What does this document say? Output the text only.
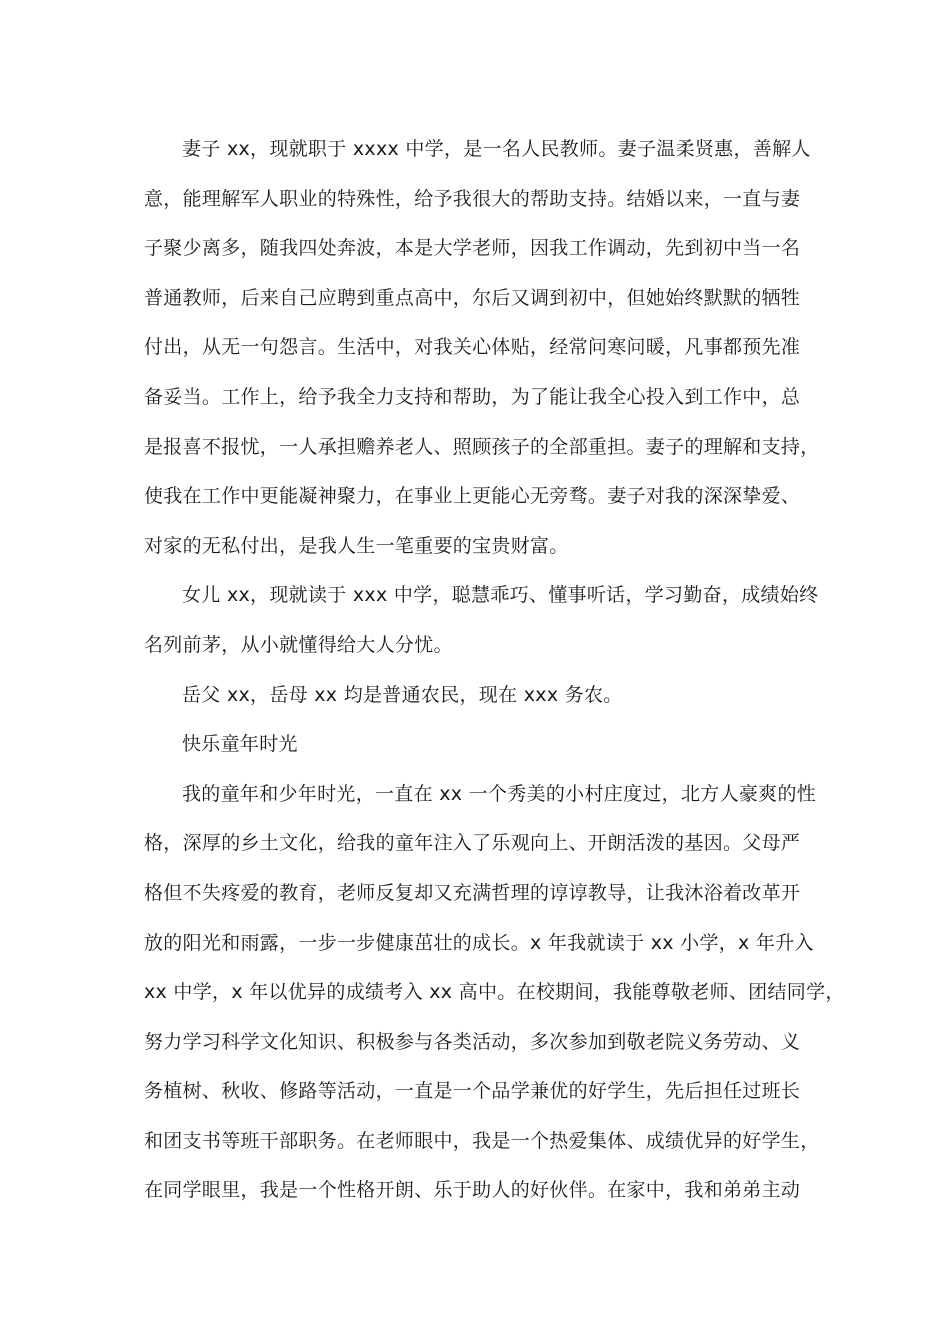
妻子 xx，现就职于 xxxx 中学，是一名人民教师。妻子温柔贤惠，善解人
意，能理解军人职业的特殊性，给予我很大的帮助支持。结婚以来，一直与妻
子聚少离多，随我四处奔波，本是大学老师，因我工作调动，先到初中当一名
普通教师，后来自己应聘到重点高中，尔后又调到初中，但她始终默默的牺牲
付出，从无一句怨言。生活中，对我关心体贴，经常问寒问暖，凡事都预先准
备妥当。工作上，给予我全力支持和帮助，为了能让我全心投入到工作中，总
是报喜不报忧，一人承担赡养老人、照顾孩子的全部重担。妻子的理解和支持，
使我在工作中更能凝神聚力，在事业上更能心无旁骛。妻子对我的深深挚爱、
对家的无私付出，是我人生一笔重要的宝贵财富。
女儿 xx，现就读于 xxx 中学，聪慧乖巧、懂事听话，学习勤奋，成绩始终
名列前茅，从小就懂得给大人分忧。
岳父 xx，岳母 xx 均是普通农民，现在 xxx 务农。
快乐童年时光
我的童年和少年时光，一直在 xx 一个秀美的小村庄度过，北方人豪爽的性
格，深厚的乡土文化，给我的童年注入了乐观向上、开朗活泼的基因。父母严
格但不失疼爱的教育，老师反复却又充满哲理的谆谆教导，让我沐浴着改革开
放的阳光和雨露，一步一步健康茁壮的成长。x 年我就读于 xx 小学，x 年升入
xx 中学，x 年以优异的成绩考入 xx 高中。在校期间，我能尊敬老师、团结同学，
努力学习科学文化知识、积极参与各类活动，多次参加到敬老院义务劳动、义
务植树、秋收、修路等活动，一直是一个品学兼优的好学生，先后担任过班长
和团支书等班干部职务。在老师眼中，我是一个热爱集体、成绩优异的好学生，
在同学眼里，我是一个性格开朗、乐于助人的好伙伴。在家中，我和弟弟主动
